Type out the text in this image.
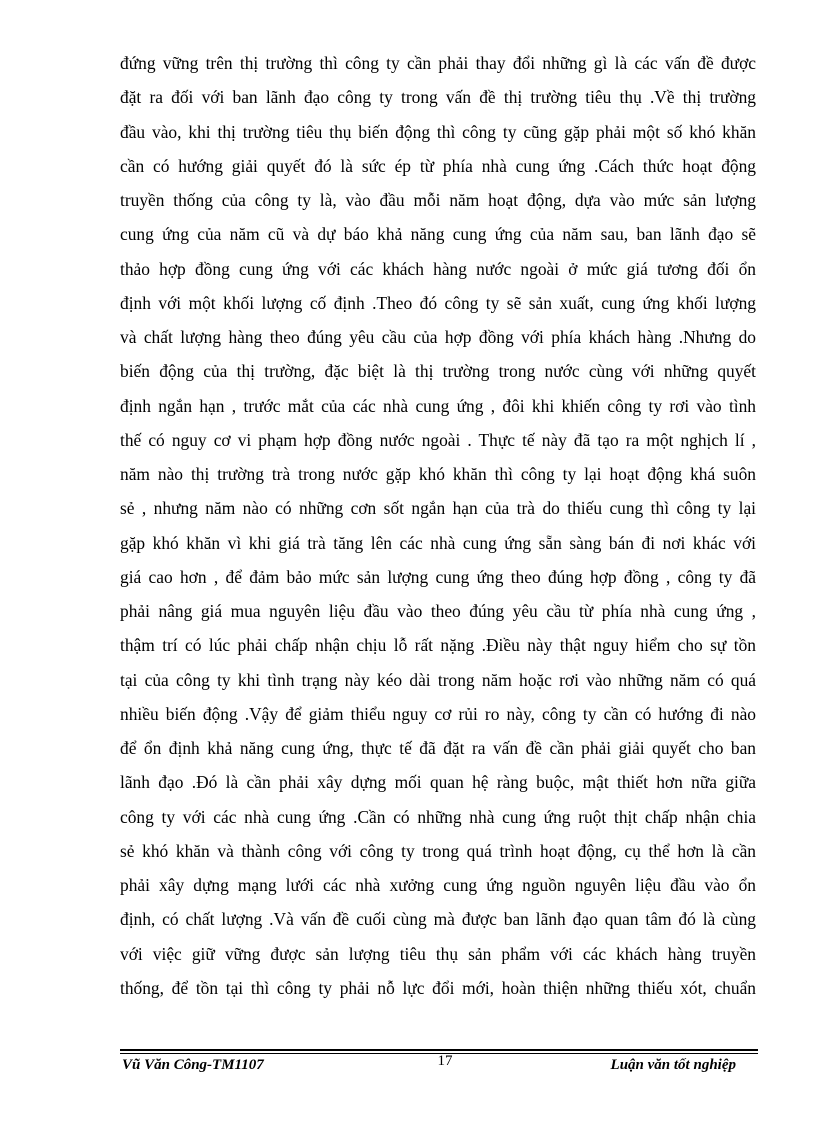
đứng vững trên thị trường thì công ty cần phải thay đổi những gì là các vấn đề được
đặt ra đối với ban lãnh đạo công ty trong vấn đề thị trường tiêu thụ .Về thị trường
đầu vào, khi thị trường tiêu thụ biến động thì công ty cũng gặp phải một số khó khăn
cần có hướng giải quyết đó là sức ép từ phía nhà cung ứng .Cách thức hoạt động
truyền thống của công ty là, vào đầu mỗi năm hoạt động, dựa vào mức sản lượng
cung ứng của năm cũ và dự báo khả năng cung ứng của năm sau, ban lãnh đạo sẽ
thảo hợp đồng cung ứng với các khách hàng nước ngoài ở mức giá tương đối ổn
định với một khối lượng cố định .Theo đó công ty sẽ sản xuất, cung ứng khối lượng
và chất lượng hàng theo đúng yêu cầu của hợp đồng với phía khách hàng .Nhưng do
biến động của thị trường, đặc biệt là thị trường trong nước cùng với những quyết
định ngắn hạn , trước mắt của các nhà cung ứng , đôi khi khiến công ty rơi vào tình
thế có nguy cơ vi phạm hợp đồng nước ngoài . Thực tế này đã tạo ra một nghịch lí ,
năm nào thị trường trà trong nước gặp khó khăn thì công ty lại hoạt động khá suôn
sẻ , nhưng năm nào có những cơn sốt ngắn hạn của trà do thiếu cung thì công ty lại
gặp khó khăn vì khi giá trà tăng lên các nhà cung ứng sẵn sàng bán đi nơi khác với
giá cao hơn , để đảm bảo mức sản lượng cung ứng theo đúng hợp đồng , công ty đã
phải nâng giá mua nguyên liệu đầu vào theo đúng yêu cầu từ phía nhà cung ứng ,
thậm trí có lúc phải chấp nhận chịu lỗ rất nặng .Điều này thật nguy hiểm cho sự tồn
tại của công ty khi tình trạng này kéo dài trong năm hoặc rơi vào những năm có quá
nhiều biến động .Vậy để giảm thiểu nguy cơ rủi ro này, công ty cần có hướng đi nào
để ổn định khả năng cung ứng, thực tế đã đặt ra vấn đề cần phải giải quyết cho ban
lãnh đạo .Đó là cần phải xây dựng mối quan hệ ràng buộc, mật thiết hơn nữa giữa
công ty với các nhà cung ứng .Cần có những nhà cung ứng ruột thịt chấp nhận chia
sẻ khó khăn và thành công với công ty trong quá trình hoạt động, cụ thể hơn là cần
phải xây dựng mạng lưới các nhà xưởng cung ứng nguồn nguyên liệu đầu vào ổn
định, có chất lượng .Và vấn đề cuối cùng mà được ban lãnh đạo quan tâm đó là cùng
với việc giữ vững được sản lượng tiêu thụ sản phẩm với các khách hàng truyền
thống, để tồn tại thì công ty phải nỗ lực đổi mới, hoàn thiện những thiếu xót, chuẩn
Vũ Văn Công-TM1107	17	Luận văn tốt nghiệp
